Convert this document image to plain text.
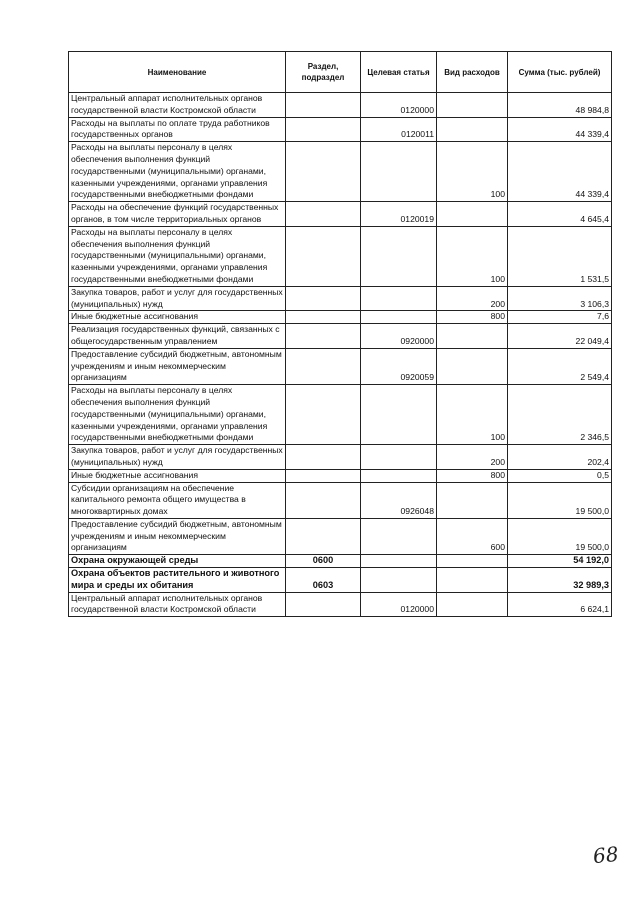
Наименование	Раздел, подраздел	Целевая статья	Вид расходов	Сумма (тыс. рублей)
Центральный аппарат исполнительных органов государственной власти Костромской области		0120000		48 984,8
Расходы на выплаты по оплате труда работников государственных органов		0120011		44 339,4
Расходы на выплаты персоналу в целях обеспечения выполнения функций государственными (муниципальными) органами, казенными учреждениями, органами управления государственными внебюджетными фондами			100	44 339,4
Расходы на обеспечение функций государственных органов, в том числе территориальных органов		0120019		4 645,4
Расходы на выплаты персоналу в целях обеспечения выполнения функций государственными (муниципальными) органами, казенными учреждениями, органами управления государственными внебюджетными фондами			100	1 531,5
Закупка товаров, работ и услуг для государственных (муниципальных) нужд			200	3 106,3
Иные бюджетные ассигнования			800	7,6
Реализация государственных функций, связанных с общегосударственным управлением		0920000		22 049,4
Предоставление субсидий бюджетным, автономным учреждениям и иным некоммерческим организациям		0920059		2 549,4
Расходы на выплаты персоналу в целях обеспечения выполнения функций государственными (муниципальными) органами, казенными учреждениями, органами управления государственными внебюджетными фондами			100	2 346,5
Закупка товаров, работ и услуг для государственных (муниципальных) нужд			200	202,4
Иные бюджетные ассигнования			800	0,5
Субсидии организациям на обеспечение капитального ремонта общего имущества в многоквартирных домах		0926048		19 500,0
Предоставление субсидий бюджетным, автономным учреждениям и иным некоммерческим организациям			600	19 500,0
Охрана окружающей среды	0600			54 192,0
Охрана объектов растительного и животного мира и среды их обитания	0603			32 989,3
Центральный аппарат исполнительных органов государственной власти Костромской области		0120000		6 624,1
68
